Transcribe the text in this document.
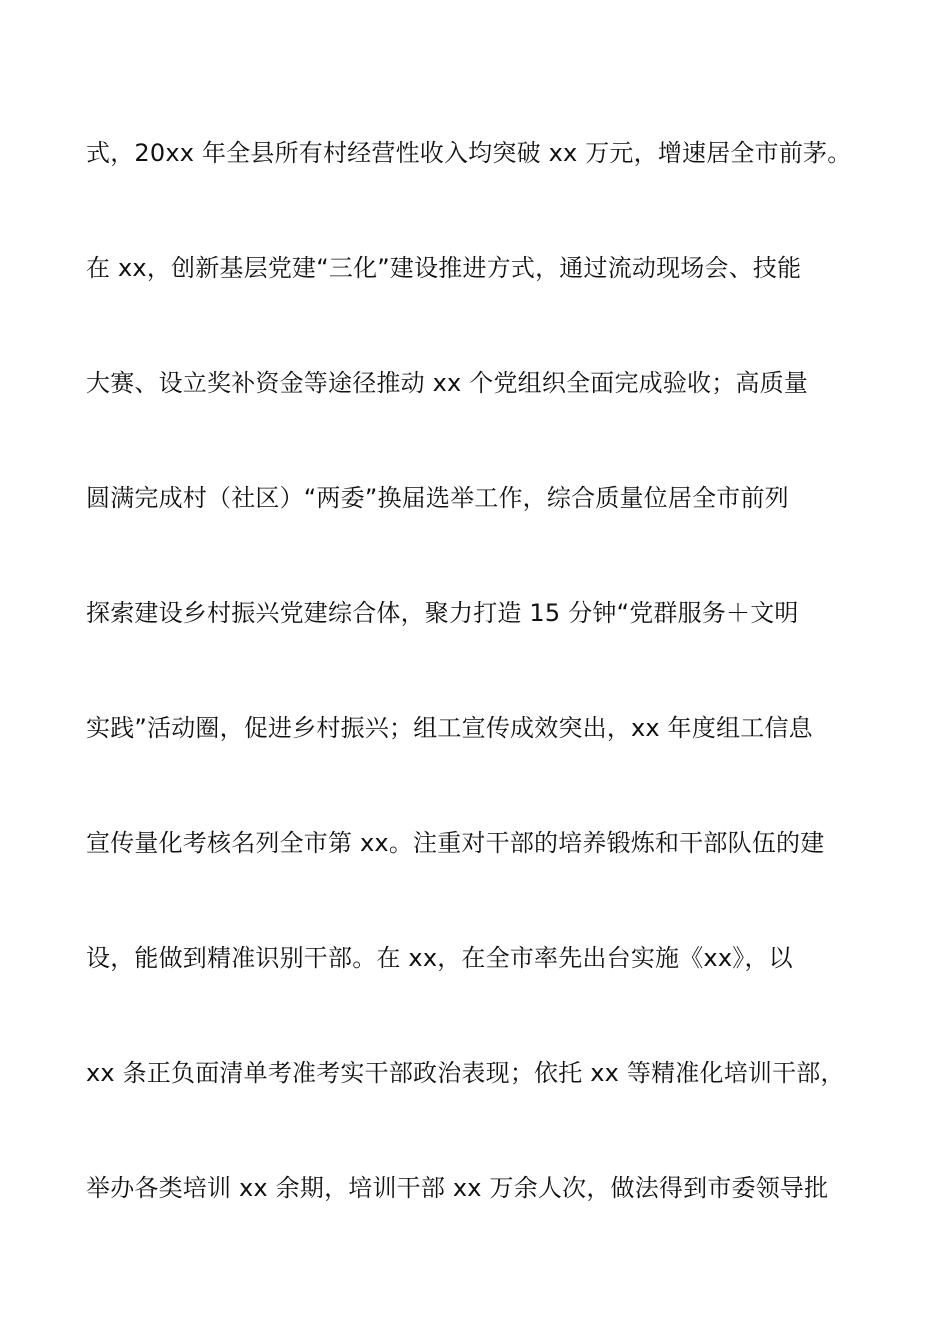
式，20xx 年全县所有村经营性收入均突破 xx 万元，增速居全市前茅。
在 xx，创新基层党建“三化”建设推进方式，通过流动现场会、技能
大赛、设立奖补资金等途径推动 xx 个党组织全面完成验收；高质量
圆满完成村（社区）“两委”换届选举工作，综合质量位居全市前列
探索建设乡村振兴党建综合体，聚力打造 15 分钟“党群服务＋文明
实践”活动圈，促进乡村振兴；组工宣传成效突出，xx 年度组工信息
宣传量化考核名列全市第 xx。注重对干部的培养锻炼和干部队伍的建
设，能做到精准识别干部。在 xx，在全市率先出台实施《xx》，以
xx 条正负面清单考准考实干部政治表现；依托 xx 等精准化培训干部，
举办各类培训 xx 余期，培训干部 xx 万余人次，做法得到市委领导批
